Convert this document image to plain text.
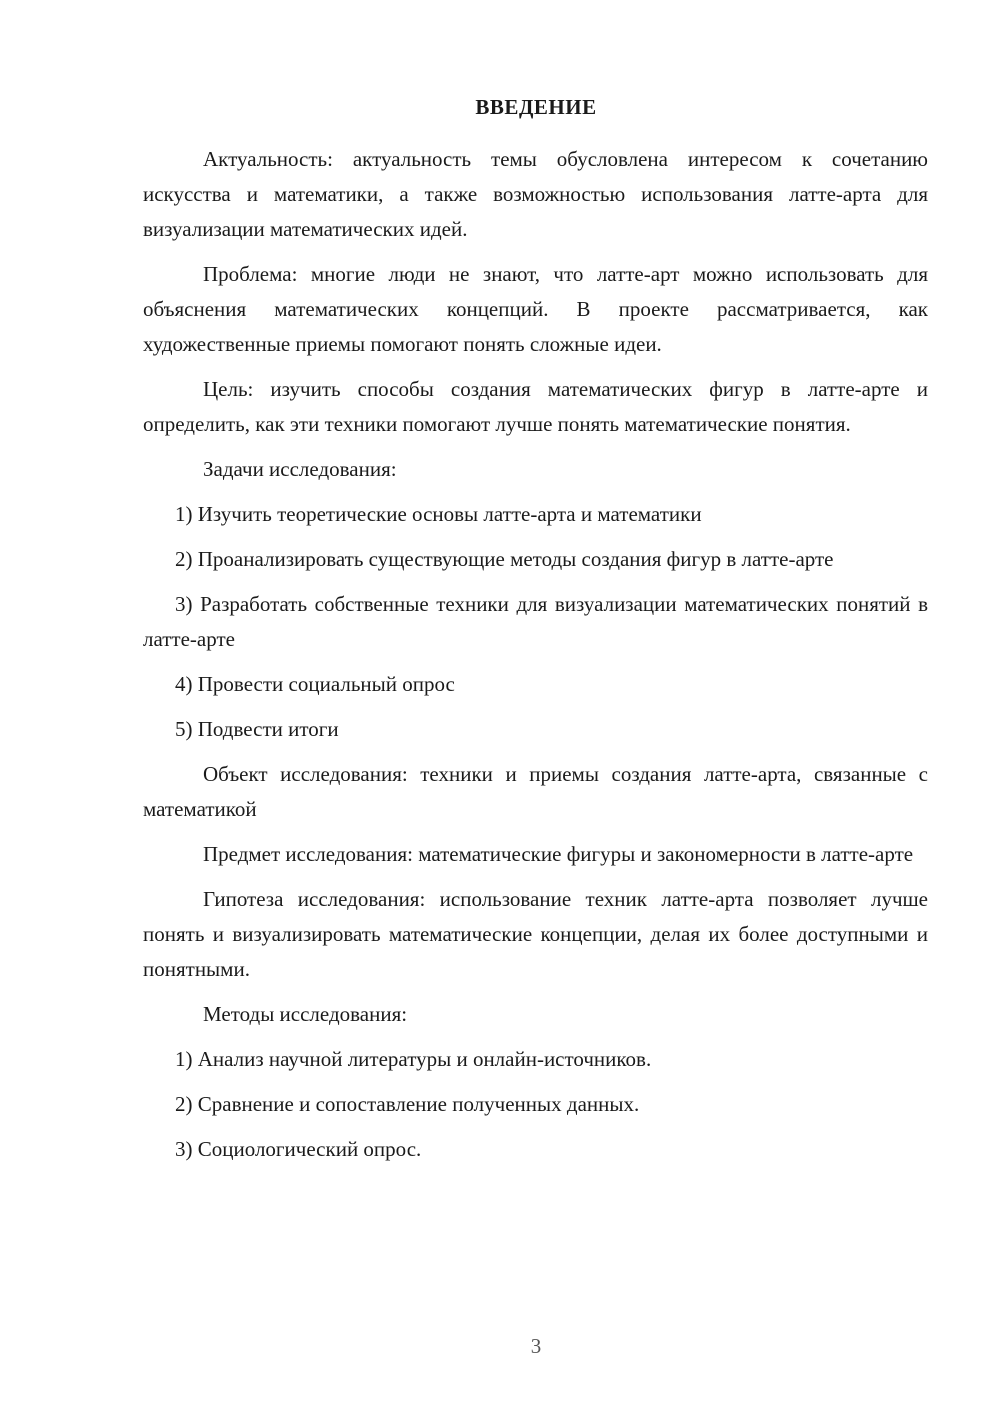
ВВЕДЕНИЕ

Актуальность: актуальность темы обусловлена интересом к сочетанию искусства и математики, а также возможностью использования латте-арта для визуализации математических идей.

Проблема: многие люди не знают, что латте-арт можно использовать для объяснения математических концепций. В проекте рассматривается, как художественные приемы помогают понять сложные идеи.

Цель: изучить способы создания математических фигур в латте-арте и определить, как эти техники помогают лучше понять математические понятия.

Задачи исследования:

1) Изучить теоретические основы латте-арта и математики

2) Проанализировать существующие методы создания фигур в латте-арте

3) Разработать собственные техники для визуализации математических понятий в латте-арте

4) Провести социальный опрос

5) Подвести итоги

Объект исследования: техники и приемы создания латте-арта, связанные с математикой

Предмет исследования: математические фигуры и закономерности в латте-арте

Гипотеза исследования: использование техник латте-арта позволяет лучше понять и визуализировать математические концепции, делая их более доступными и понятными.

Методы исследования:

1) Анализ научной литературы и онлайн-источников.

2) Сравнение и сопоставление полученных данных.

3) Социологический опрос.

3
